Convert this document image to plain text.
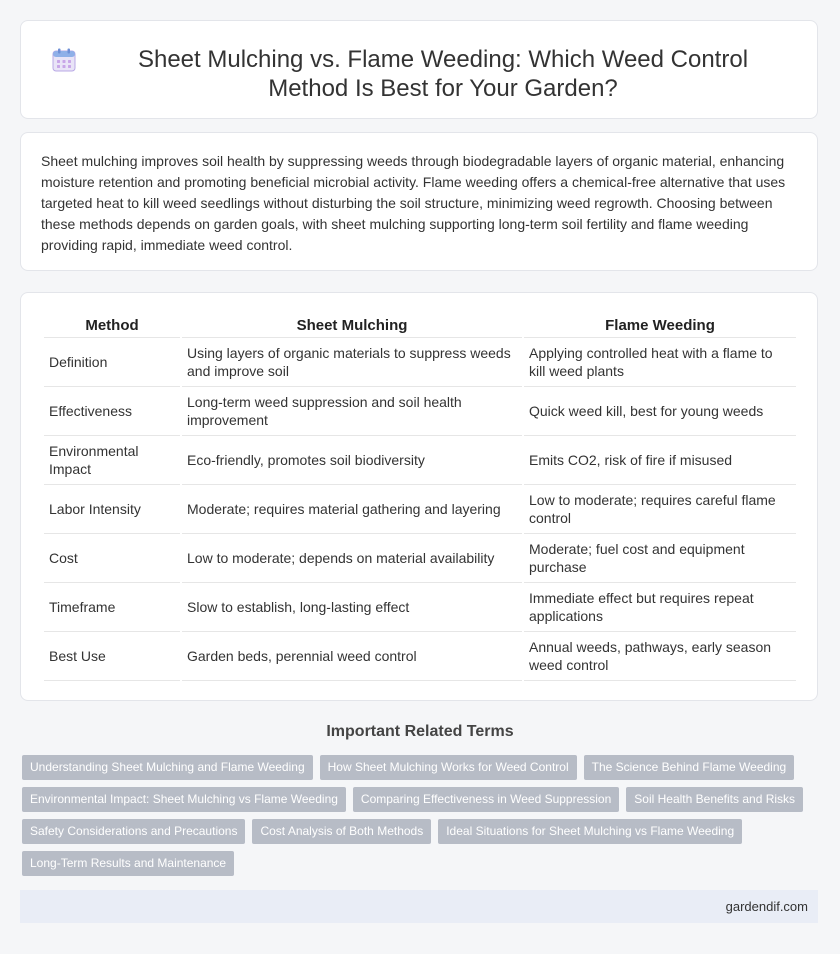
Sheet Mulching vs. Flame Weeding: Which Weed Control Method Is Best for Your Garden?

Sheet mulching improves soil health by suppressing weeds through biodegradable layers of organic material, enhancing moisture retention and promoting beneficial microbial activity. Flame weeding offers a chemical-free alternative that uses targeted heat to kill weed seedlings without disturbing the soil structure, minimizing weed regrowth. Choosing between these methods depends on garden goals, with sheet mulching supporting long-term soil fertility and flame weeding providing rapid, immediate weed control.

Method	Sheet Mulching	Flame Weeding
Definition	Using layers of organic materials to suppress weeds and improve soil	Applying controlled heat with a flame to kill weed plants
Effectiveness	Long-term weed suppression and soil health improvement	Quick weed kill, best for young weeds
Environmental Impact	Eco-friendly, promotes soil biodiversity	Emits CO2, risk of fire if misused
Labor Intensity	Moderate; requires material gathering and layering	Low to moderate; requires careful flame control
Cost	Low to moderate; depends on material availability	Moderate; fuel cost and equipment purchase
Timeframe	Slow to establish, long-lasting effect	Immediate effect but requires repeat applications
Best Use	Garden beds, perennial weed control	Annual weeds, pathways, early season weed control
Important Related Terms
Understanding Sheet Mulching and Flame Weeding	How Sheet Mulching Works for Weed Control	The Science Behind Flame Weeding
Environmental Impact: Sheet Mulching vs Flame Weeding	Comparing Effectiveness in Weed Suppression	Soil Health Benefits and Risks
Safety Considerations and Precautions	Cost Analysis of Both Methods	Ideal Situations for Sheet Mulching vs Flame Weeding
Long-Term Results and Maintenance
gardendif.com
